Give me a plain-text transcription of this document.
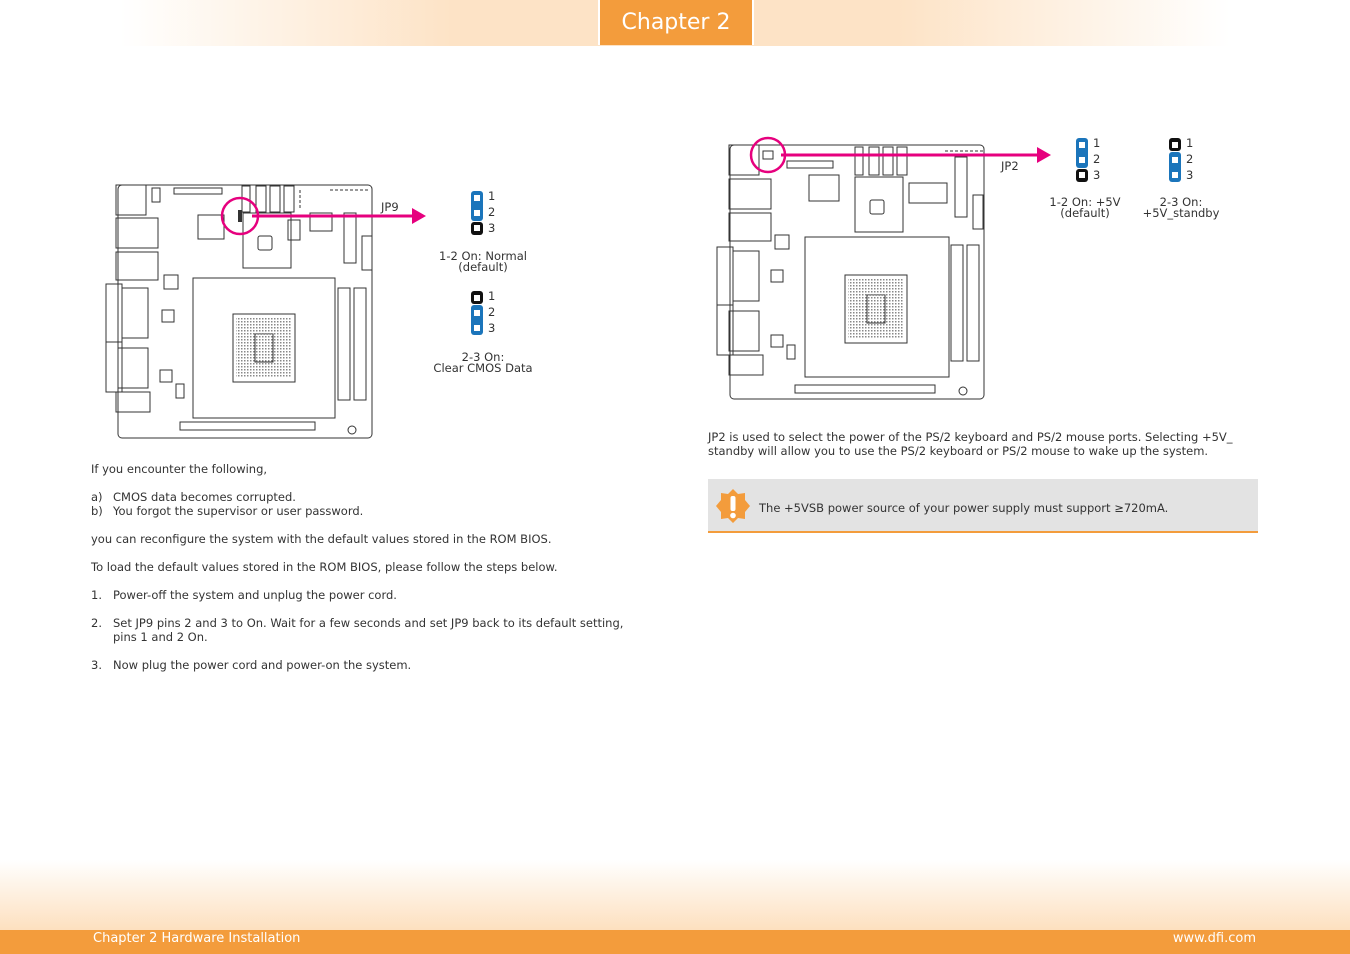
Chapter 2
JP9
1
2
3
1-2 On: Normal
(default)
1
2
3
2-3 On:
Clear CMOS Data
JP2
1
2
3
1-2 On: +5V
(default)
1
2
3
2-3 On:
+5V_standby
If you encounter the following,
a) CMOS data becomes corrupted.
b) You forgot the supervisor or user password.
you can reconfigure the system with the default values stored in the ROM BIOS.
To load the default values stored in the ROM BIOS, please follow the steps below.
1. Power-off the system and unplug the power cord.
2. Set JP9 pins 2 and 3 to On. Wait for a few seconds and set JP9 back to its default setting,
pins 1 and 2 On.
3. Now plug the power cord and power-on the system.
JP2 is used to select the power of the PS/2 keyboard and PS/2 mouse ports. Selecting +5V_
standby will allow you to use the PS/2 keyboard or PS/2 mouse to wake up the system.
The +5VSB power source of your power supply must support ≥720mA.
Chapter 2 Hardware Installation	www.dfi.com
